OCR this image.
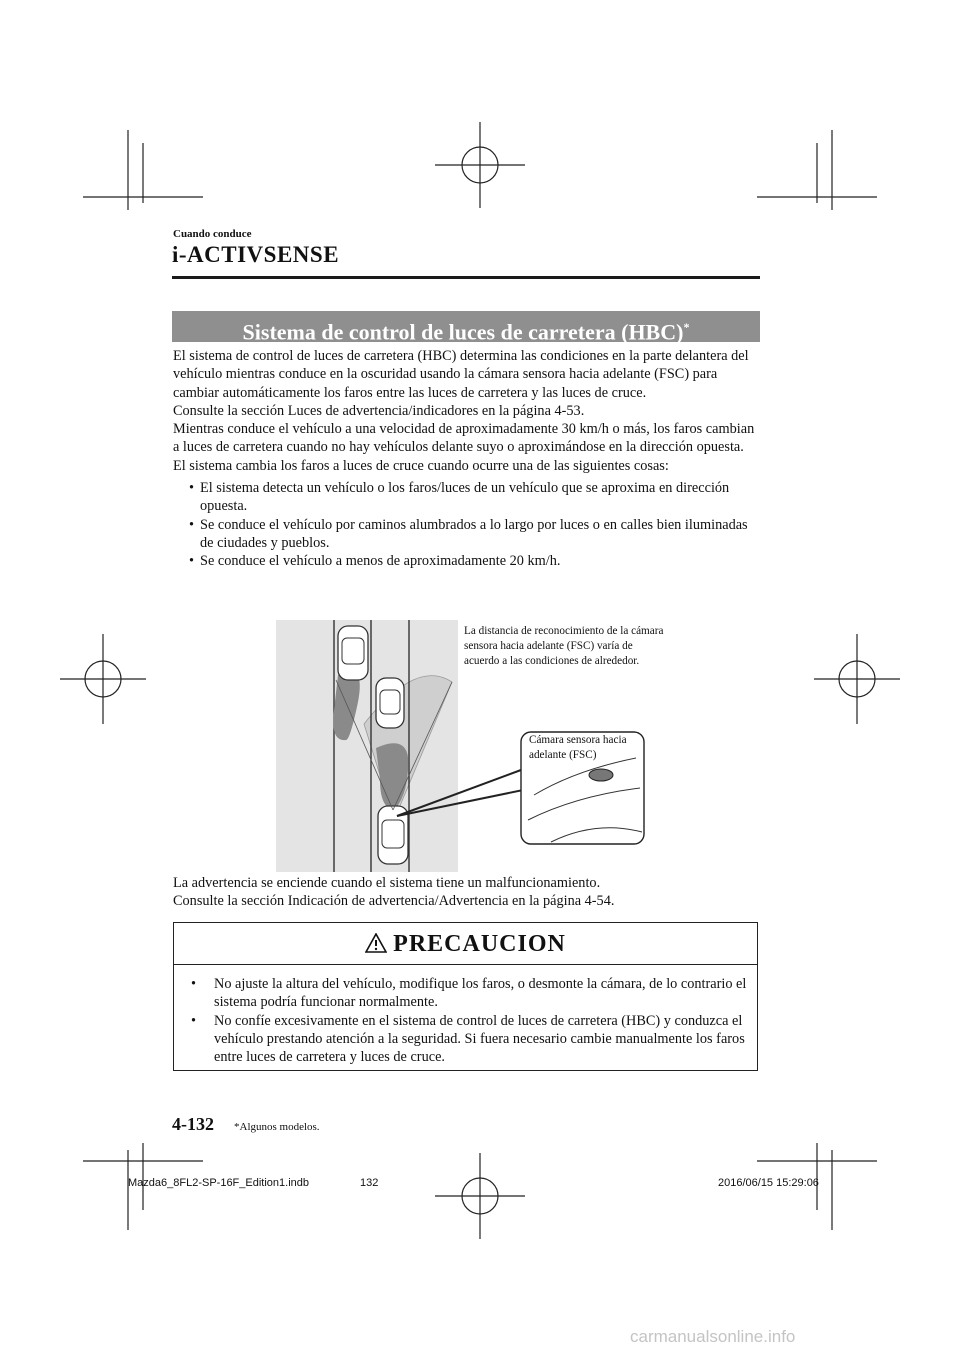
Cuando conduce
i-ACTIVSENSE
Sistema de control de luces de carretera (HBC)*

El sistema de control de luces de carretera (HBC) determina las condiciones en la parte delantera del vehículo mientras conduce en la oscuridad usando la cámara sensora hacia adelante (FSC) para cambiar automáticamente los faros entre las luces de carretera y las luces de cruce.

Consulte la sección Luces de advertencia/indicadores en la página 4-53.

Mientras conduce el vehículo a una velocidad de aproximadamente 30 km/h o más, los faros cambian a luces de carretera cuando no hay vehículos delante suyo o aproximándose en la dirección opuesta.

El sistema cambia los faros a luces de cruce cuando ocurre una de las siguientes cosas:

• El sistema detecta un vehículo o los faros/luces de un vehículo que se aproxima en dirección opuesta.
• Se conduce el vehículo por caminos alumbrados a lo largo por luces o en calles bien iluminadas de ciudades y pueblos.
• Se conduce el vehículo a menos de aproximadamente 20 km/h.
La distancia de reconocimiento de la cámara sensora hacia adelante (FSC) varía de acuerdo a las condiciones de alrededor.
Cámara sensora hacia adelante (FSC)

La advertencia se enciende cuando el sistema tiene un malfuncionamiento.

Consulte la sección Indicación de advertencia/Advertencia en la página 4-54.

PRECAUCION
• No ajuste la altura del vehículo, modifique los faros, o desmonte la cámara, de lo contrario el sistema podría funcionar normalmente.
• No confíe excesivamente en el sistema de control de luces de carretera (HBC) y conduzca el vehículo prestando atención a la seguridad. Si fuera necesario cambie manualmente los faros entre luces de carretera y luces de cruce.
4-132 *Algunos modelos.
Mazda6_8FL2-SP-16F_Edition1.indb	132	2016/06/15 15:29:06
carmanualsonline.info
